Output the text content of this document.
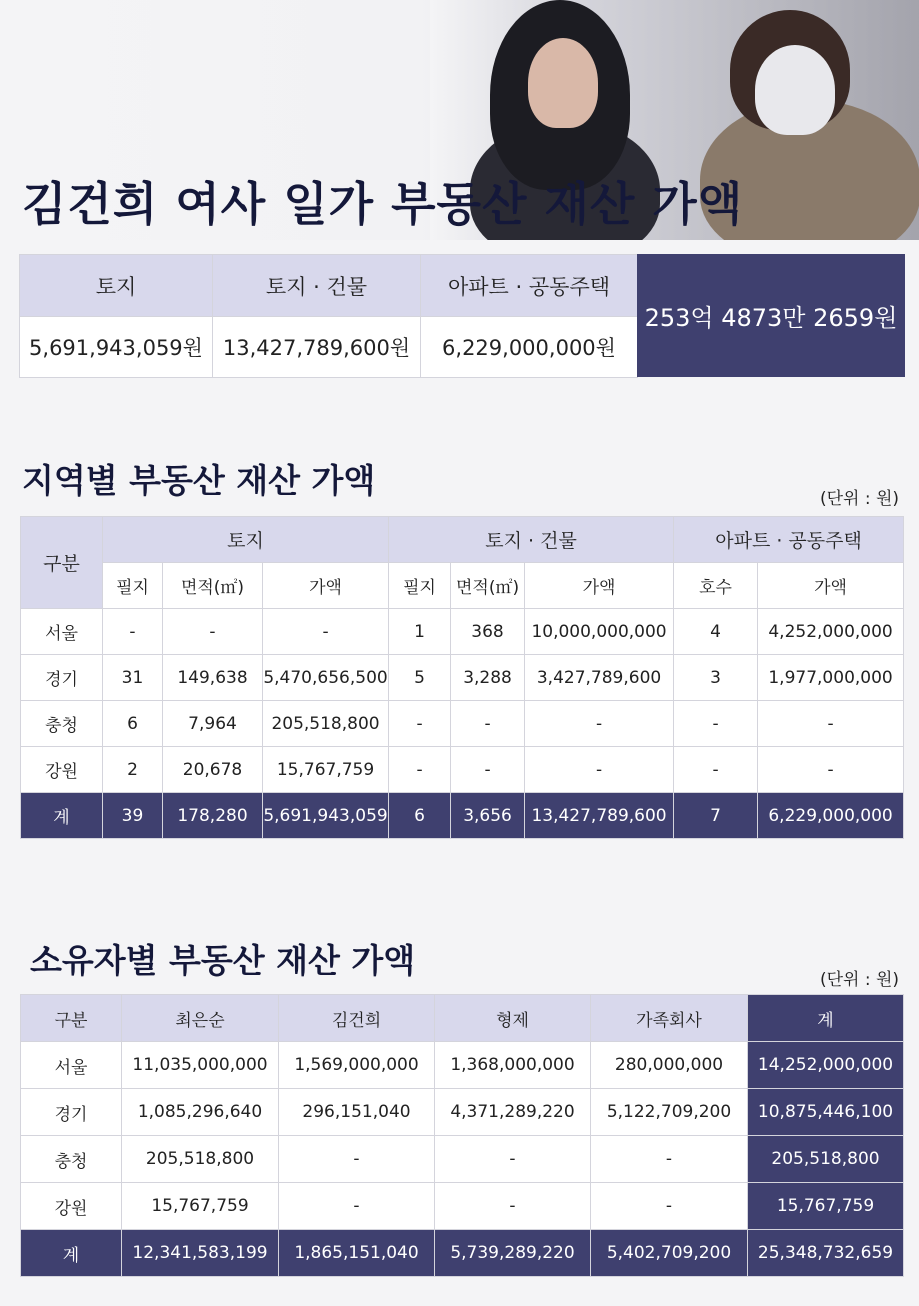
김건희 여사 일가 부동산 재산 가액
토지	토지 · 건물	아파트 · 공동주택
5,691,943,059원	13,427,789,600원	6,229,000,000원
253억 4873만 2659원
지역별 부동산 재산 가액	(단위 : 원)
구분	토지			토지 · 건물			아파트 · 공동주택	
	필지	면적(㎡)	가액	필지	면적(㎡)	가액	호수	가액
서울	-	-	-	1	368	10,000,000,000	4	4,252,000,000
경기	31	149,638	5,470,656,500	5	3,288	3,427,789,600	3	1,977,000,000
충청	6	7,964	205,518,800	-	-	-	-	-
강원	2	20,678	15,767,759	-	-	-	-	-
계	39	178,280	5,691,943,059	6	3,656	13,427,789,600	7	6,229,000,000
소유자별 부동산 재산 가액	(단위 : 원)
구분	최은순	김건희	형제	가족회사	계
서울	11,035,000,000	1,569,000,000	1,368,000,000	280,000,000	14,252,000,000
경기	1,085,296,640	296,151,040	4,371,289,220	5,122,709,200	10,875,446,100
충청	205,518,800	-	-	-	205,518,800
강원	15,767,759	-	-	-	15,767,759
계	12,341,583,199	1,865,151,040	5,739,289,220	5,402,709,200	25,348,732,659
